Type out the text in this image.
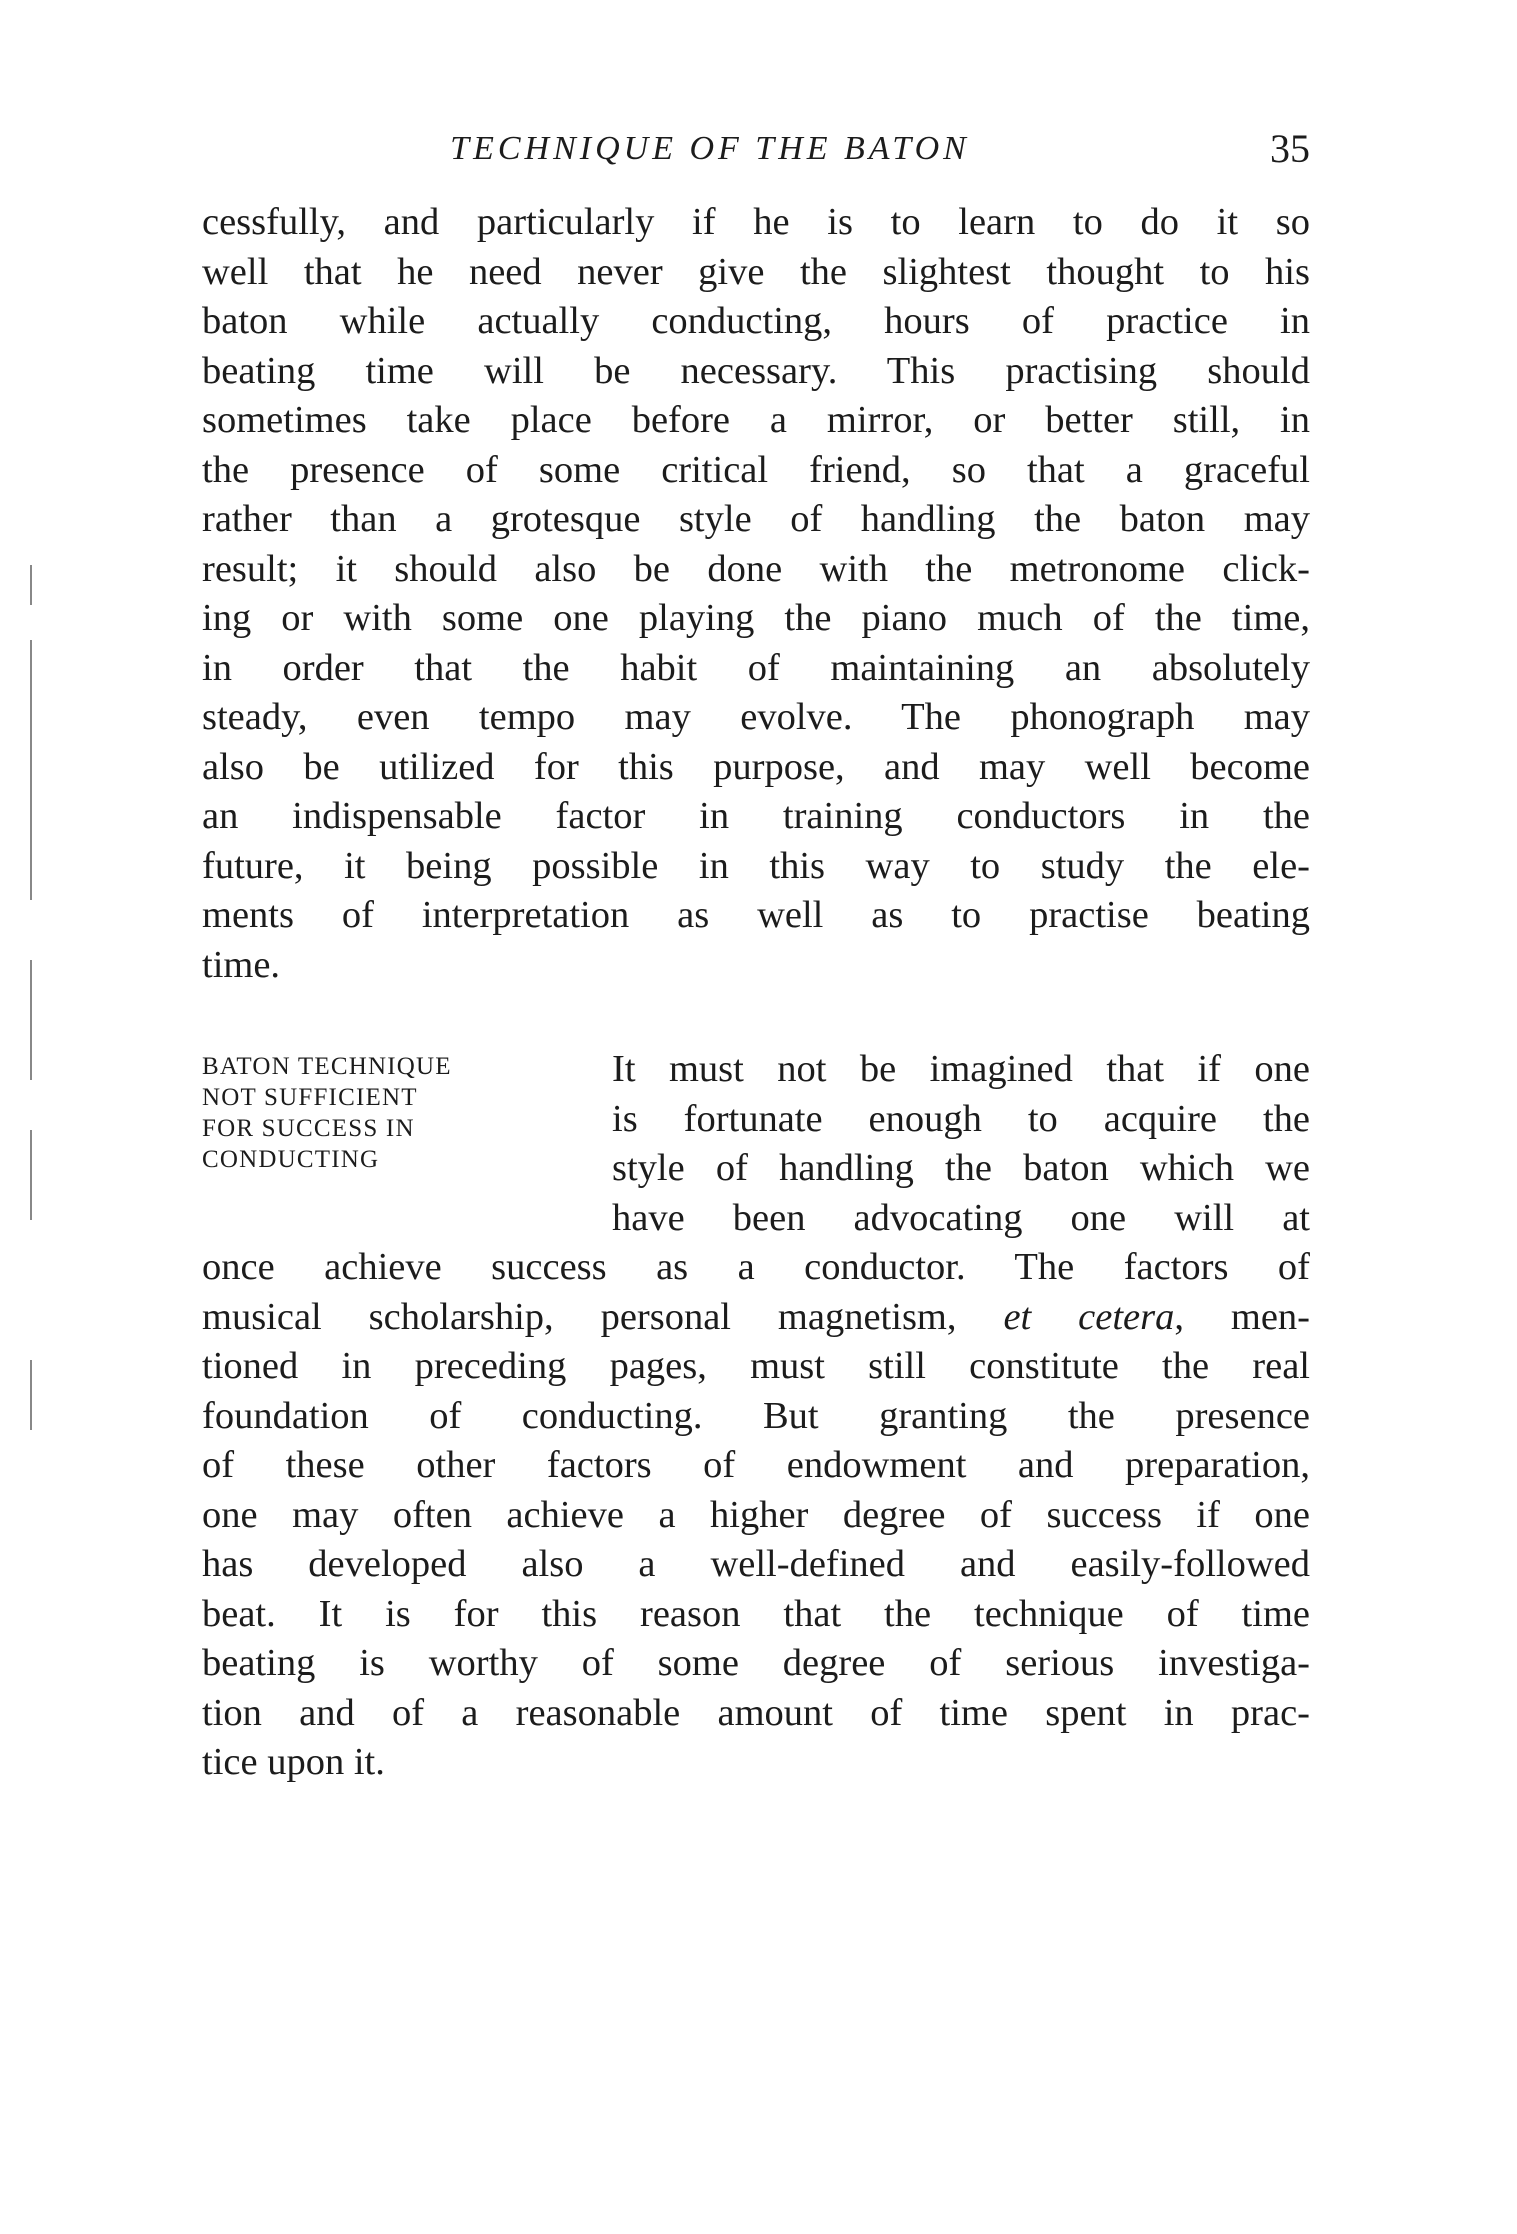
TECHNIQUE OF THE BATON	35
cessfully, and particularly if he is to learn to do it so
well that he need never give the slightest thought to his
baton while actually conducting, hours of practice in
beating time will be necessary. This practising should
sometimes take place before a mirror, or better still, in
the presence of some critical friend, so that a graceful
rather than a grotesque style of handling the baton may
result; it should also be done with the metronome click-
ing or with some one playing the piano much of the time,
in order that the habit of maintaining an absolutely
steady, even tempo may evolve. The phonograph may
also be utilized for this purpose, and may well become
an indispensable factor in training conductors in the
future, it being possible in this way to study the ele-
ments of interpretation as well as to practise beating
time.
BATON TECHNIQUE
NOT SUFFICIENT
FOR SUCCESS IN
CONDUCTING
It must not be imagined that if one
is fortunate enough to acquire the
style of handling the baton which we
have been advocating one will at
once achieve success as a conductor. The factors of
musical scholarship, personal magnetism, et cetera, men-
tioned in preceding pages, must still constitute the real
foundation of conducting. But granting the presence
of these other factors of endowment and preparation,
one may often achieve a higher degree of success if one
has developed also a well-defined and easily-followed
beat. It is for this reason that the technique of time
beating is worthy of some degree of serious investiga-
tion and of a reasonable amount of time spent in prac-
tice upon it.
